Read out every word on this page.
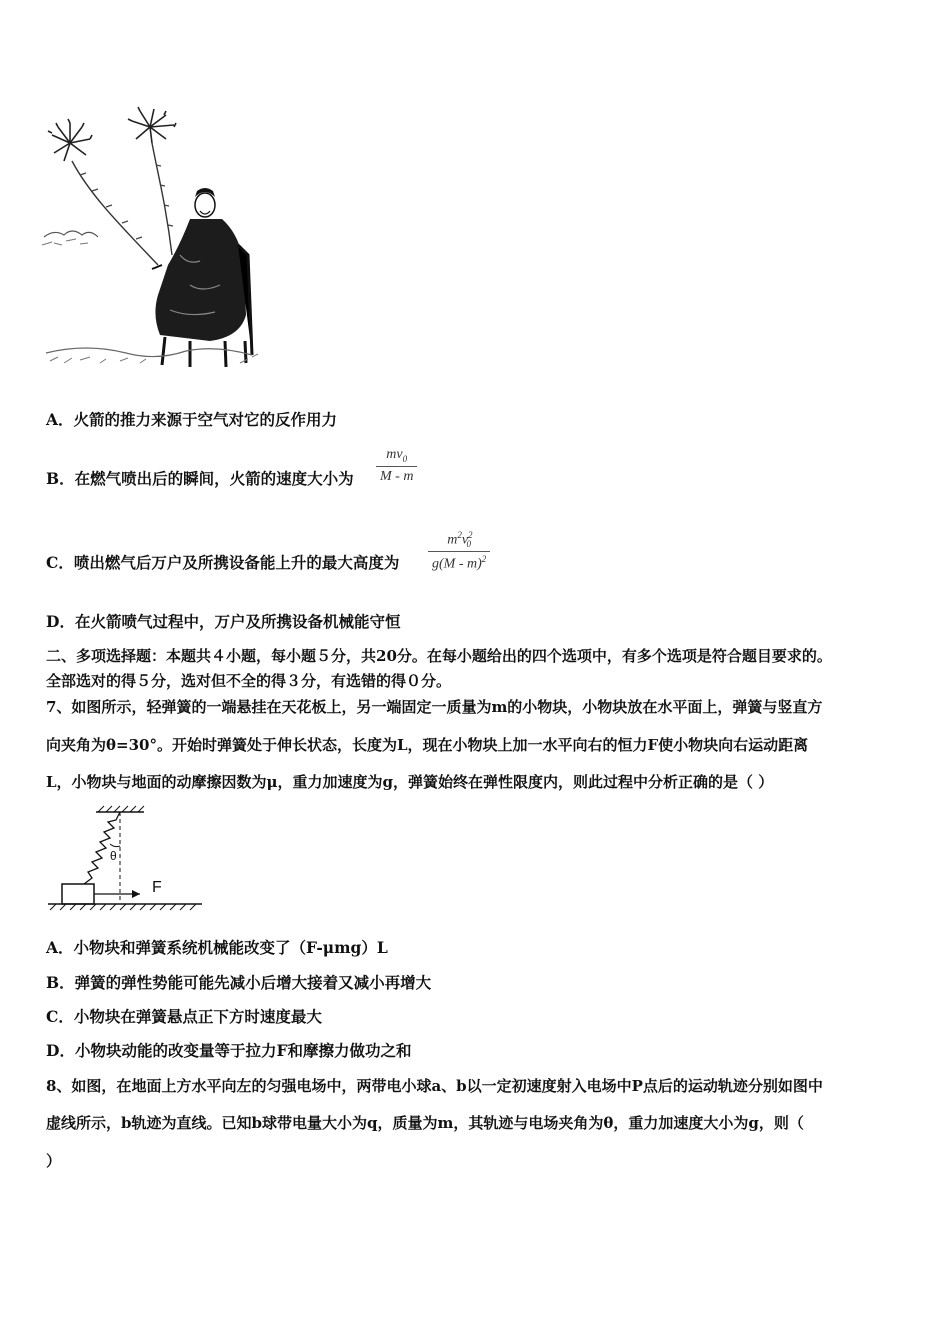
A．火箭的推力来源于空气对它的反作用力
B．在燃气喷出后的瞬间，火箭的速度大小为
$mv_0$
M - m
C．喷出燃气后万户及所携设备能上升的最大高度为
$m^2v^2_0$
g(M - m)$^2$
D．在火箭喷气过程中，万户及所携设备机械能守恒
二、多项选择题：本题共４小题，每小题５分，共20分。在每小题给出的四个选项中，有多个选项是符合题目要求的。
全部选对的得５分，选对但不全的得３分，有选错的得０分。
7、如图所示，轻弹簧的一端悬挂在天花板上，另一端固定一质量为m的小物块，小物块放在水平面上，弹簧与竖直方
向夹角为θ=30°。开始时弹簧处于伸长状态，长度为L，现在小物块上加一水平向右的恒力F使小物块向右运动距离
L，小物块与地面的动摩擦因数为μ，重力加速度为g，弹簧始终在弹性限度内，则此过程中分析正确的是（ ）
θ
F
A．小物块和弹簧系统机械能改变了（F-μmg）L
B．弹簧的弹性势能可能先减小后增大接着又减小再增大
C．小物块在弹簧悬点正下方时速度最大
D．小物块动能的改变量等于拉力F和摩擦力做功之和
8、如图，在地面上方水平向左的匀强电场中，两带电小球a、b以一定初速度射入电场中P点后的运动轨迹分别如图中
虚线所示，b轨迹为直线。已知b球带电量大小为q，质量为m，其轨迹与电场夹角为θ，重力加速度大小为g，则（
）
